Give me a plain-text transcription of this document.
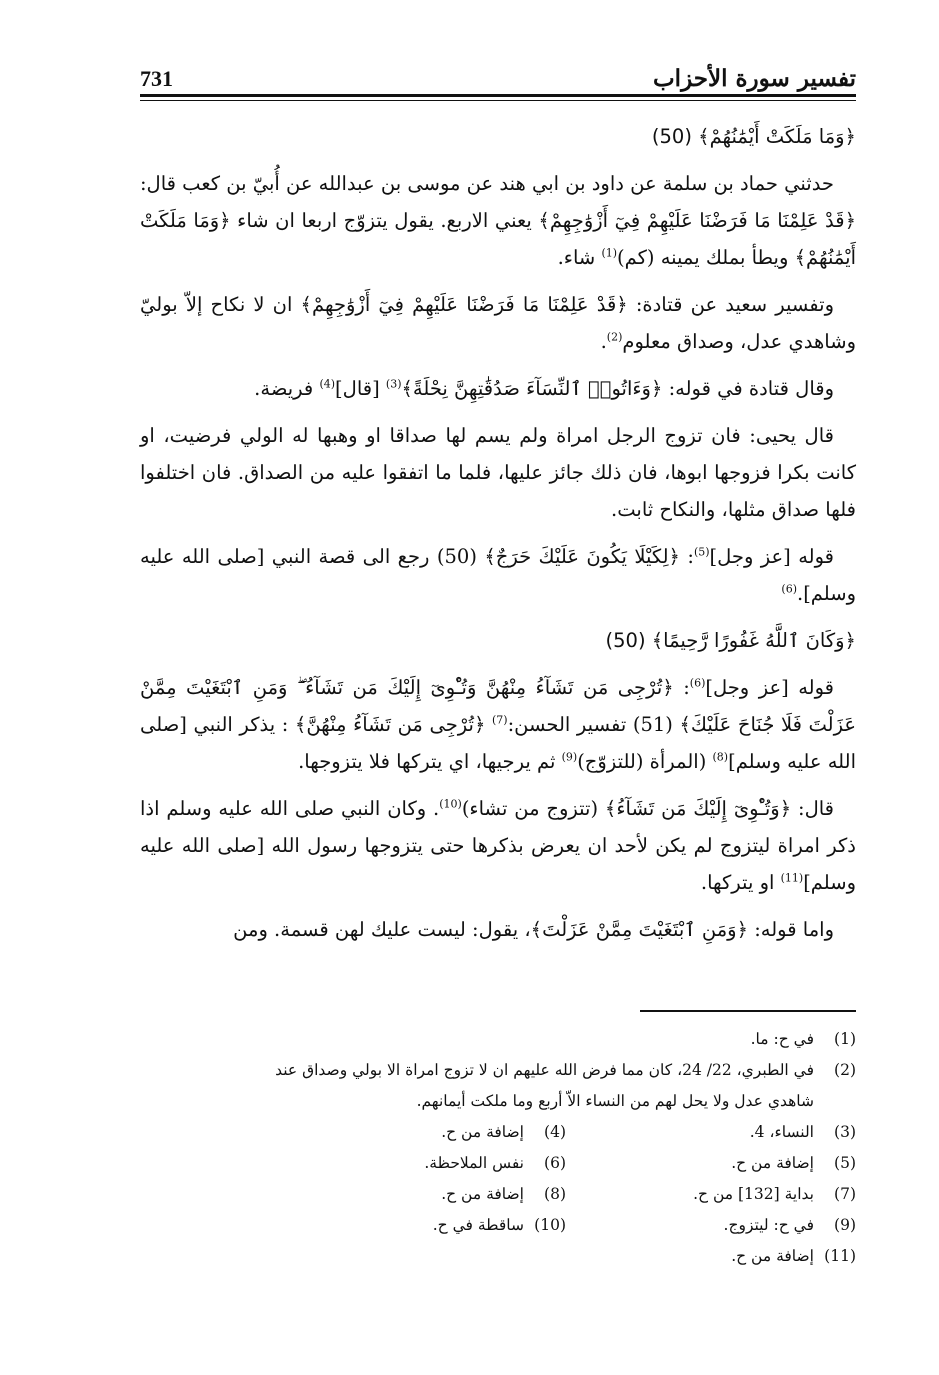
731	تفسير سورة الأحزاب

﴿وَمَا مَلَكَتْ أَيْمَٰنُهُمْ﴾ (50)

حدثني حماد بن سلمة عن داود بن ابي هند عن موسى بن عبدالله عن أُبيّ بن كعب قال: ﴿قَدْ عَلِمْنَا مَا فَرَضْنَا عَلَيْهِمْ فِيٓ أَزْوَٰجِهِمْ﴾ يعني الاربع. يقول يتزوّج اربعا ان شاء ﴿وَمَا مَلَكَتْ أَيْمَٰنُهُمْ﴾ ويطأ بملك يمينه (كم)$^{(1)}$ شاء.

وتفسير سعيد عن قتادة: ﴿قَدْ عَلِمْنَا مَا فَرَضْنَا عَلَيْهِمْ فِيٓ أَزْوَٰجِهِمْ﴾ ان لا نكاح إلاّ بوليّ وشاهدي عدل، وصداق معلوم$^{(2)}$.

وقال قتادة في قوله: ﴿وَءَاتُوا۟ ٱلنِّسَآءَ صَدُقَٰتِهِنَّ نِحْلَةً﴾$^{(3)}$ [قال]$^{(4)}$ فريضة.

قال يحيى: فان تزوج الرجل امراة ولم يسم لها صداقا او وهبها له الولي فرضيت، او كانت بكرا فزوجها ابوها، فان ذلك جائز عليها، فلما ما اتفقوا عليه من الصداق. فان اختلفوا فلها صداق مثلها، والنكاح ثابت.

قوله [عز وجل]$^{(5)}$: ﴿لِكَيْلَا يَكُونَ عَلَيْكَ حَرَجٌ﴾ (50) رجع الى قصة النبي [صلى الله عليه وسلم].$^{(6)}$

﴿وَكَانَ ٱللَّهُ غَفُورًا رَّحِيمًا﴾ (50)

قوله [عز وجل]$^{(6)}$: ﴿تُرْجِى مَن تَشَآءُ مِنْهُنَّ وَتُـْٔوِىٓ إِلَيْكَ مَن تَشَآءُ ۖ وَمَنِ ٱبْتَغَيْتَ مِمَّنْ عَزَلْتَ فَلَا جُنَاحَ عَلَيْكَ﴾ (51) تفسير الحسن:$^{(7)}$ ﴿تُرْجِى مَن تَشَآءُ مِنْهُنَّ﴾ : يذكر النبي [صلى الله عليه وسلم]$^{(8)}$ (المرأة (للتزوّج)$^{(9)}$ ثم يرجيها، اي يتركها فلا يتزوجها.

قال: ﴿وَتُـْٔوِىٓ إِلَيْكَ مَن تَشَآءُ﴾ (تتزوج من تشاء)$^{(10)}$. وكان النبي صلى الله عليه وسلم اذا ذكر امراة ليتزوج لم يكن لأحد ان يعرض بذكرها حتى يتزوجها رسول الله [صلى الله عليه وسلم]$^{(11)}$ او يتركها.

واما قوله: ﴿وَمَنِ ٱبْتَغَيْتَ مِمَّنْ عَزَلْتَ﴾، يقول: ليست عليك لهن قسمة. ومن

(1)
في ح: ما.
(2)
في الطبري، 22/ 24، كان مما فرض الله عليهم ان لا تزوج امراة الا بولي وصداق عند
شاهدي عدل ولا يحل لهم من النساء الاّ أربع وما ملكت أيمانهم.
(3)
النساء، 4.
(4)
إضافة من ح.
(5)
إضافة من ح.
(6)
نفس الملاحظة.
(7)
بداية [132] من ح.
(8)
إضافة من ح.
(9)
في ح: ليتزوج.
(10)
ساقطة في ح.
(11)
إضافة من ح.
